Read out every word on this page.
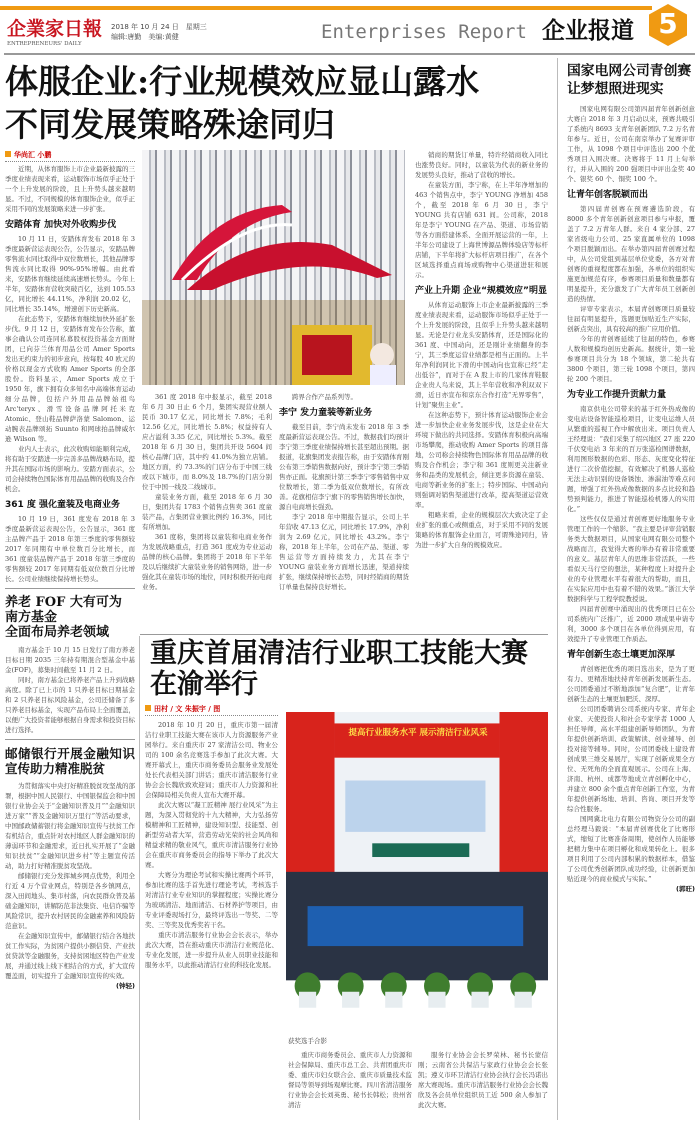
企業家日報
ENTREPRENEURS' DAILY
2018 年 10 月 24 日　星期三
编辑:唐勤　美编:黄健	Enterprises Report 企业报道 5
体服企业:行业规模效应显山露水
不同发展策略殊途同归
华尚汇 小鹏

近期，从体育服饰上市企业最新披露的三季度业绩表现来看，运动服饰市场似乎正处于一个上升发展的阶段，且上升势头越来越明显。不过，不同规模的体育服饰企业，似乎正采用不同的发展策略来进一步扩张。

安踏体育 加快对外收购步伐

10 月 11 日，安踏体育发布 2018 年 3 季度最新营运表现公告，公告显示，安踏品牌零售流水同比取得中双位数增长，其他品牌零售流水同比取得 90%-95%增幅。由此看来，安踏体育继续延续高速增长势头。今年上半年，安踏体育营收突破百亿，达到 105.53 亿，同比增长 44.11%，净利润 20.02 亿，同比增长 35.14%，增速创下历史新高。

在此态势下，安踏体育继续加快外延扩张步伐。9 月 12 日，安踏体育发布公告称，董事会确认公司连同私募股权投资基金方面财团，已向芬兰体育用品公司 Amer Sports 发出无约束力的初步意向，按每股 40 欧元的价格以现金方式收购 Amer Sports 的全部股份。资料显示，Amer Sports 成立于 1950 年，旗下拥有众多知名中高端体育运动细分品牌，包括户外用品品牌始祖鸟 Arc'teryx、滑雪设备品牌阿托米克 Atomic、登山鞋品牌萨洛蒙 Salomon、运动腕表品牌颂拓 Suunto 和网球拍品牌威尔逊 Wilson 等。

业内人士表示，此次收购如能顺利完成，将有助于安踏进一步完善多品牌战略布局，提升其在国际市场的影响力。安踏方面表示，公司会持续物色国际体育用品品牌的收购及合作机会。

361 度 强化童装及电商业务

10 月 19 日，361 度发布 2018 年 3 季度最新营运表现公告，公告显示，361 度主品牌产品于 2018 年第三季度的零售额较 2017 年同期有中单位数百分比增长，而 361 度童装品牌产品于 2018 年第三季度的零售额较 2017 年同期有低双位数百分比增长。公司业绩继续保持增长势头。

养老 FOF 大有可为
南方基金
全面布局养老领域

南方基金于 10 月 15 日发行了南方养老目标日期 2035 三年持有期混合型基金中基金(FOF)，募集时间截至 11 月 2 日。

同时，南方基金已将养老产品上升到战略高度。除了已上市的 1 只养老目标日期基金和 2 只养老目标风险基金，公司还储备了多只养老目标基金，实现产品布局上全面覆盖，以便广大投资者能够根据自身需求和投资目标进行选择。

邮储银行开展金融知识宣传助力精准脱贫

为贯彻落实中央打好精准脱贫攻坚战的部署，根据中国人民银行、中国银保监会和中国银行业协会关于“金融知识普及月”“金融知识进万家”“普及金融知识万里行”等活动要求，中国邮政储蓄银行将金融知识宣传与扶贫工作有机结合，重点针对农村地区人群金融知识的薄弱环节和金融需求，近日扎实开展了“金融知识扶贫”“金融知识进乡村”等主题宣传活动，助力打好精准脱贫攻坚战。

邮储银行充分发挥城乡网点优势，利用全行近 4 万个营业网点，特别是各乡镇网点，深入田间地头、集市村落，向农民群众普及基础金融知识，讲解防范非法集资、电信诈骗等风险常识，提升农村居民的金融素养和风险防范意识。

在金融知识宣传中，邮储银行结合各地扶贫工作实际，为贫困户提供小额信贷、产业扶贫贷款等金融服务，支持贫困地区特色产业发展，并通过线上线下相结合的方式，扩大宣传覆盖面，切实提升了金融知识宣传的实效。

(钟轻)

361 度 2018 年中报显示，截至 2018 年 6 月 30 日止 6 个月，集团实现营业额人民币 30.17 亿元，同比增长 7.8%；毛利 12.56 亿元，同比增长 5.8%；权益持有人应占溢利 3.35 亿元，同比增长 5.3%。截至 2018 年 6 月 30 日，集团共开设 5604 间核心品牌门店，其中约 41.0%为独立店铺。地区方面，约 73.3%的门店分布于中国三线或以下城市，而 8.0%及 18.7%的门店分别位于中国一线及二线城市。

童装业务方面，截至 2018 年 6 月 30 日，集团共有 1783 个销售点售卖 361 度童装产品，占集团营业额比例约 16.3%，同比有所增加。

361 度称，集团将以童装和电商业务作为发展战略重点，打造 361 度成为专业运动品牌的核心品牌。集团将于 2018 年下半年及以后继续扩大童装业务的销售网络，进一步强化其在童装市场的地位，同时积极开拓电商业务。

跨界合作产品系列等。

李宁 发力童装等新业务

截至目前，李宁尚未发布 2018 年 3 季度最新营运表现公告。不过，数据我们均预计李宁第三季度业绩保持增长甚至超出预期。据报道，花旗集团发表报告称，由于安踏体育刚公布第三季销售数据向好，预计李宁第三季销售亦正面。花旗预计第三季李宁零售销售中双位数增长，第二季为低双位数增长，有所改善。花旗相信李宁旗下的零售销售增长加快，源自电商增长强劲。

李宁 2018 年中期报告显示，公司上半年营收 47.13 亿元，同比增长 17.9%，净利润为 2.69 亿元，同比增长 43.2%。李宁称，2018 年上半年，公司在产品、渠道、零售运营等方面持续发力，尤其在李宁 YOUNG 童装业务方面增长迅速，渠道持续扩张，继续保持增长态势，同时经销商的期货订单量也保持良好增长。

销商的期货订单量，特许经销商收入同比也涨势良好。同时，以童装为代表的新业务的发展势头良好，推动了营收的增长。

在童装方面，李宁称，在上半年净增加的 463 个销售点中，李宁 YOUNG 净增加 458 个，截至 2018 年 6 月 30 日，李宁 YOUNG 共有店铺 631 间。公司称，2018 年是李宁 YOUNG 在产品、渠道、市场营销等各方面搭建体系、全面开展运营的一年，上半年公司建设了上海世博源品牌体验店等标杆店铺，下半年将扩大标杆店项目推广，在各个区域选择重点商场或购物中心渠道进驻和展示。

产业上升期 企业“规模效应”明显

从体育运动服饰上市企业最新披露的三季度业绩表现来看，运动服饰市场似乎正处于一个上升发展的阶段，且似乎上升势头越来越明显。无论是行业龙头安踏体育，还是国际化的 361 度、中国动向，还是刚计业绩翻身的李宁，其三季度运营业绩都是相当正面的。上半年净利润同比下滑的中国动向也宣称已经“走出低谷”，而对于在 A 股上市的几家体育鞋服企业贵人鸟来说，其上半年营收和净利双双下滑，近日亦宣布和京东合作打造“无界零售”，计划“聚焦主业”。

在这种态势下，预计体育运动服饰企业会进一步加快企业业务发展步伐，这是企业在大环境下做出的共同选择。安踏体育积极向高端市场攀爬，推动收购 Amer Sports 的项目落地，公司称会持续物色国际体育用品品牌的收购及合作机会；李宁和 361 度则更关注新业务和品类的发展机会，倾注更多资源在童装、电商等新业务的扩张上；特步国际、中国动向则强调对销售渠道进行改革，提高渠道运营效率。

粗略来看，企业的规模层次大致决定了企业扩张的重心或侧重点，对于采用不同的发展策略的体育服饰企业而言，可谓殊途同归，皆为进一步扩大自身的规模效应。

重庆首届清洁行业职工技能大赛在渝举行
田村 / 文 朱振宇 / 图

2018 年 10 月 20 日，重庆市第一届清洁行业职工技能大赛在该市人力资源服务产业园举行。来自重庆市 27 家清洁公司、物业公司的 100 余名竞赛选手参加了此次大赛。大赛开幕式上，重庆市商务委员会服务业发展处处长代表相关部门讲话；重庆市清洁服务行业协会会长魏欣致欢迎词；重庆市人力资源和社会保障局相关负责人宣布大赛开幕。

此次大赛以“凝工匠精神 展行业风采”为主题，为深入贯彻党的十九大精神，大力弘扬劳模精神和工匠精神，建设知识型、技能型、创新型劳动者大军，营造劳动光荣的社会风尚和精益求精的敬业风气，重庆市清洁服务行业协会在重庆市商务委员会的指导下举办了此次大赛。

大赛分为理论考试和实操比赛两个环节，参加比赛的选手首先进行理论考试，考核选手对清洁行业专业知识的掌握程度；实操比赛分为玻璃清洁、地面清洁、石材养护等项目，由专业评委现场打分，最终评选出一等奖、二等奖、三等奖及优秀奖若干名。

重庆市清洁服务行业协会会长表示，举办此次大赛，旨在推动重庆市清洁行业规范化、专业化发展，进一步提升从业人员职业技能和服务水平，以此推动清洁行业的科技化发展。

提高行业服务水平 展示清洁行业风采
获奖选手合影

重庆市商务委员会、重庆市人力资源和社会保障局、重庆市总工会、共青团重庆市委、重庆市妇女联合会、重庆市质量技术监督局等领导到场观摩比赛。四川省清洁服务行业协会会长刘英勇、秘书长韩松；贵州省清洁

服务行业协会会长罗荣林、秘书长蒙信刚；云南省公共保洁与家政行业协会会长张凯；遵义市环卫清洁行业协会执行会长冯诺出席大赛现场。重庆市清洁服务行业协会会长魏欣及各会员单位组织员工近 500 余人参加了此次大赛。

国家电网公司青创赛让梦想照进现实

国家电网有限公司第四届青年创新创意大赛自 2018 年 3 月启动以来，预赛共吸引了系统内 8693 支青年创新团队 7.2 万名青年参与。近日，公司在南京举办了复赛评审工作，从 1098 个项目中评选出 200 个优秀项目入围决赛。决赛将于 11 月上旬举行，并从入围的 200 强项目中评出金奖 40 个、银奖 60 个、铜奖 100 个。

让青年创客脱颖而出

第四届青创赛在预赛遴选阶段，有 8000 多个青年创新创意项目参与申报，覆盖了 7.2 万青年人群。来自 4 家分部、27 家省级电力公司、25 家直属单位的 1098 个项目脱颖而出。在举办第四届青创赛过程中，从公司党组到基层单位党委，各方对青创赛的重视程度都在加强，各单位的组织实施更加规范有序，参赛项目质量和数量都有明显提升，充分激发了广大青年员工创新创造的热情。

评审专家表示，本届青创赛项目质量较往届有明显提升，选题更加贴近生产实际，创新点突出，具有较高的推广应用价值。

今年的青创赛延续了往届的特色，参赛人数和规模均创历史新高。据统计，第一轮参赛项目共分为 18 个领域，第二轮共有 3800 个项目，第三轮 1098 个项目，第四轮 200 个项目。

为专业工作提升贡献力量

南京供电公司带来的基于红外热成像的变电站设备智能巡检项目，让变电运维人员从繁重的巡视工作中解放出来。项目负责人王经理说：“我们采集了绍兴地区 27 座 220 千伏变电站 3 年来的百万张巡检图谱数据，利用图形数据的色彩、形态、灰度变化特征进行二次价值挖掘，有效解决了机器人巡检无法主动识别的设备锈蚀、渗漏油等难点问题，增强了红外热成像数据的多点比较和趋势预判能力，推进了智能巡检机器人的实用化。”

这些仅仅是通过青创赛更好地服务专业管理工作的一个缩影。“我主要是评审营销服务类大数据项目，从国家电网有限公司整个战略而言，我觉得大赛的举办有着非常重要的意义。基层青年人的思维非常活跃，一些看似天马行空的想法，某种程度上对提升企业的专业管理水平有着很大的帮助，而且，在实际应用中也有着不错的效果。”浙江大学数据科学与工程学院教授说。

四届青创赛中涌现出的优秀项目已在公司系统内广泛推广，近 2000 项成果申请专利，3000 多个项目在各单位得到应用，有效提升了专业管理工作质态。

青年创新生态土壤更加深厚

青创赛把优秀的项目选出来，是为了更有力、更精准地扶持青年创新发展新生态。公司团委通过不断地添加“复合肥”，让青年创新生态的土壤更加肥沃、深厚。

公司团委聘请公司系统内专家、青年企业家、天使投资人和社会专家学者 1000 人担任导师，高水平组建创新导师团队，为青年提供创新培训、政策解读、创业辅导、创投对接等辅导。同时，公司团委线上建设青创成果三维交易展厅，实现了创新成果全方位、无死角的全面直观展示。公司在上海、济南、杭州、成都等地成立青创孵化中心，并建立 800 余个重点青年创新工作室，为青年提供创新场地、培训、咨询、项目开发等综合性服务。

国网冀北电力有限公司物资分公司的副总经理马毅说：“本届青创赛优化了比赛形式，缩短了比赛准备周期，使创作人员能够把精力集中在项目孵化和成果转化上。很多项目利用了公司内部积累的数据样本，借鉴了公司优秀创新团队成功经验，让创新更加贴近现今的商业模式与实际。”

(郭旺)
